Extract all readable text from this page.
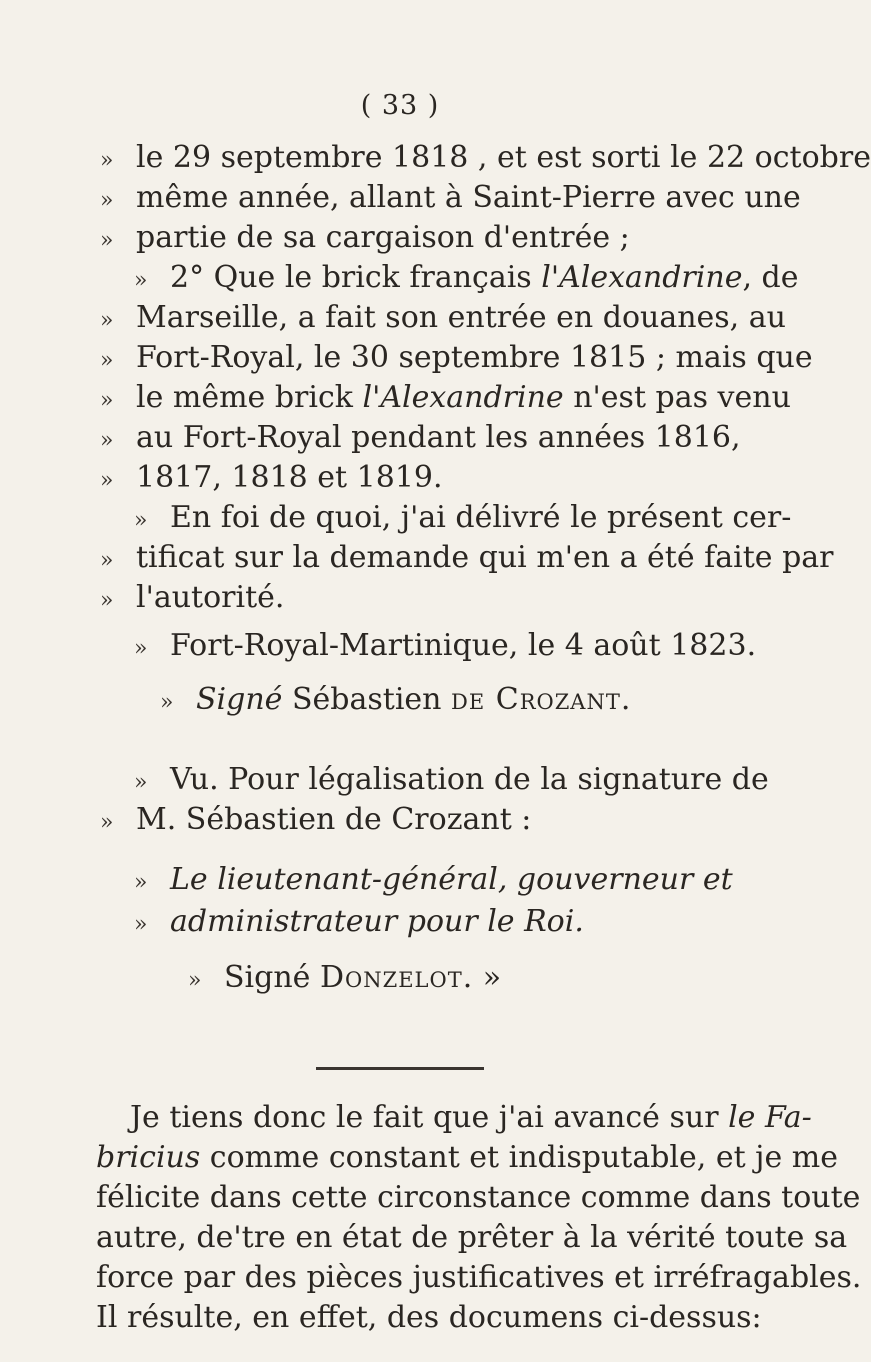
( 33 )
» le 29 septembre 1818 , et est sorti le 22 octobre
» même année, allant à Saint-Pierre avec une
» partie de sa cargaison d'entrée ;
» 2° Que le brick français l'Alexandrine, de
» Marseille, a fait son entrée en douanes, au
» Fort-Royal, le 30 septembre 1815 ; mais que
» le même brick l'Alexandrine n'est pas venu
» au Fort-Royal pendant les années 1816,
» 1817, 1818 et 1819.
» En foi de quoi, j'ai délivré le présent cer-
» tificat sur la demande qui m'en a été faite par
» l'autorité.
» Fort-Royal-Martinique, le 4 août 1823.
» Signé Sébastien de Crozant.
» Vu. Pour légalisation de la signature de
» M. Sébastien de Crozant :
» Le lieutenant-général, gouverneur et
» administrateur pour le Roi.
» Signé Donzelot. »
Je tiens donc le fait que j'ai avancé sur le Fa-
bricius comme constant et indisputable, et je me
félicite dans cette circonstance comme dans toute
autre, de'tre en état de prêter à la vérité toute sa
force par des pièces justificatives et irréfragables.
Il résulte, en effet, des documens ci-dessus:
